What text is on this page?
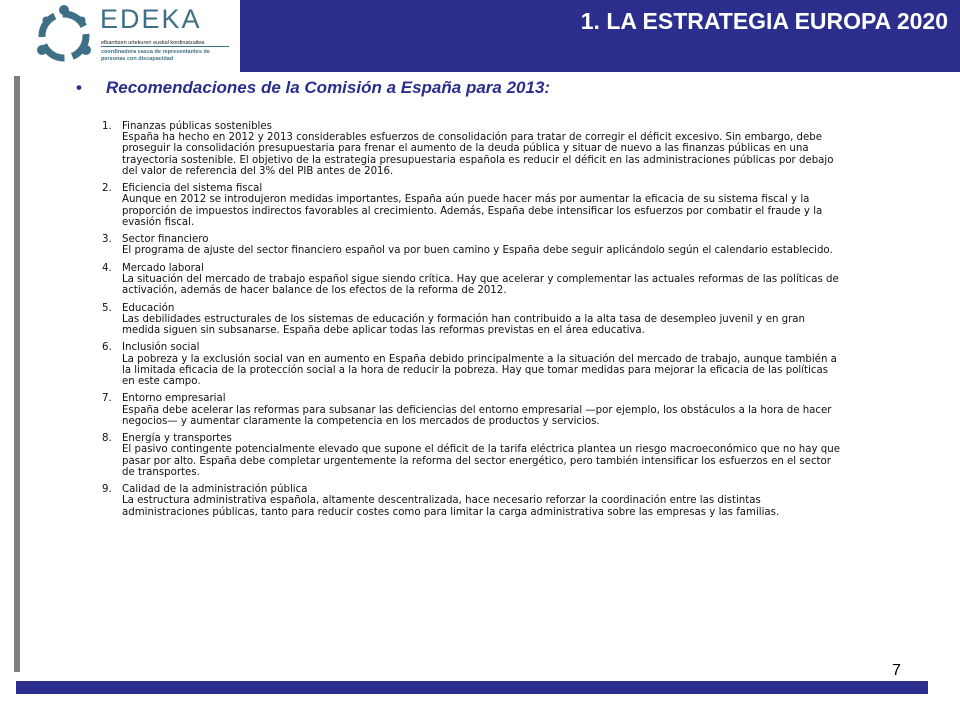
EDEKA
elbarritzen urtekuren euskal kordinatzailea
coordinadora vasca de representantes de personas con discapacidad
1. LA ESTRATEGIA EUROPA 2020
• Recomendaciones de la Comisión a España para 2013:
1. Finanzas públicas sostenibles
España ha hecho en 2012 y 2013 considerables esfuerzos de consolidación para tratar de corregir el déficit excesivo. Sin embargo, debe proseguir la consolidación presupuestaria para frenar el aumento de la deuda pública y situar de nuevo a las finanzas públicas en una trayectoria sostenible. El objetivo de la estrategia presupuestaria española es reducir el déficit en las administraciones públicas por debajo del valor de referencia del 3% del PIB antes de 2016.
2. Eficiencia del sistema fiscal
Aunque en 2012 se introdujeron medidas importantes, España aún puede hacer más por aumentar la eficacia de su sistema fiscal y la proporción de impuestos indirectos favorables al crecimiento. Además, España debe intensificar los esfuerzos por combatir el fraude y la evasión fiscal.
3. Sector financiero
El programa de ajuste del sector financiero español va por buen camino y España debe seguir aplicándolo según el calendario establecido.
4. Mercado laboral
La situación del mercado de trabajo español sigue siendo crítica. Hay que acelerar y complementar las actuales reformas de las políticas de activación, además de hacer balance de los efectos de la reforma de 2012.
5. Educación
Las debilidades estructurales de los sistemas de educación y formación han contribuido a la alta tasa de desempleo juvenil y en gran medida siguen sin subsanarse. España debe aplicar todas las reformas previstas en el área educativa.
6. Inclusión social
La pobreza y la exclusión social van en aumento en España debido principalmente a la situación del mercado de trabajo, aunque también a la limitada eficacia de la protección social a la hora de reducir la pobreza. Hay que tomar medidas para mejorar la eficacia de las políticas en este campo.
7. Entorno empresarial
España debe acelerar las reformas para subsanar las deficiencias del entorno empresarial —por ejemplo, los obstáculos a la hora de hacer negocios— y aumentar claramente la competencia en los mercados de productos y servicios.
8. Energía y transportes
El pasivo contingente potencialmente elevado que supone el déficit de la tarifa eléctrica plantea un riesgo macroeconómico que no hay que pasar por alto. España debe completar urgentemente la reforma del sector energético, pero también intensificar los esfuerzos en el sector de transportes.
9. Calidad de la administración pública
La estructura administrativa española, altamente descentralizada, hace necesario reforzar la coordinación entre las distintas administraciones públicas, tanto para reducir costes como para limitar la carga administrativa sobre las empresas y las familias.
7
